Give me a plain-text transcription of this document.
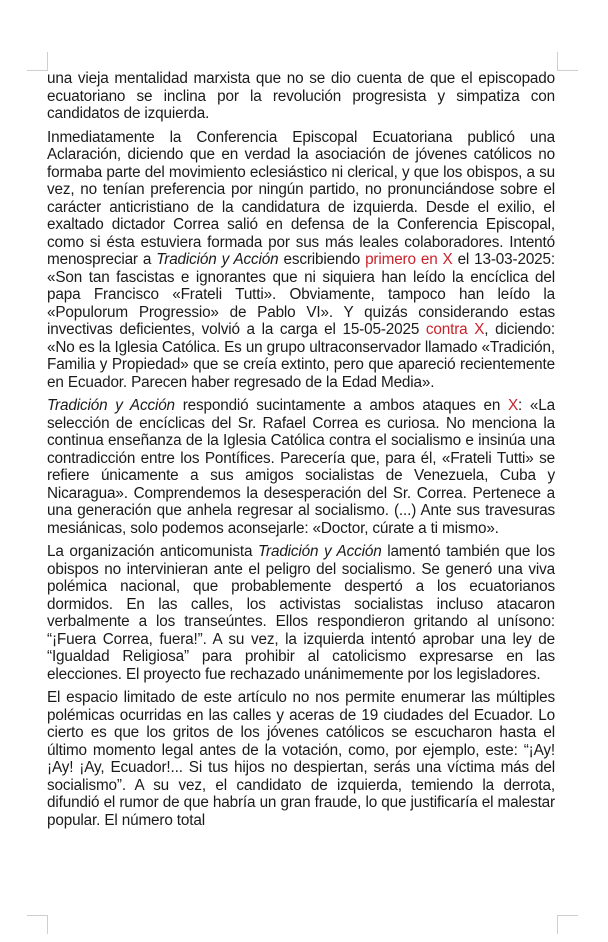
una vieja mentalidad marxista que no se dio cuenta de que el episcopado ecuatoriano se inclina por la revolución progresista y simpatiza con candidatos de izquierda.

Inmediatamente la Conferencia Episcopal Ecuatoriana publicó una Aclaración, diciendo que en verdad la asociación de jóvenes católicos no formaba parte del movimiento eclesiástico ni clerical, y que los obispos, a su vez, no tenían preferencia por ningún partido, no pronunciándose sobre el carácter anticristiano de la candidatura de izquierda. Desde el exilio, el exaltado dictador Correa salió en defensa de la Conferencia Episcopal, como si ésta estuviera formada por sus más leales colaboradores. Intentó menospreciar a Tradición y Acción escribiendo primero en X el 13-03-2025: «Son tan fascistas e ignorantes que ni siquiera han leído la encíclica del papa Francisco «Frateli Tutti». Obviamente, tampoco han leído la «Populorum Progressio» de Pablo VI». Y quizás considerando estas invectivas deficientes, volvió a la carga el 15-05-2025 contra X, diciendo: «No es la Iglesia Católica. Es un grupo ultraconservador llamado «Tradición, Familia y Propiedad» que se creía extinto, pero que apareció recientemente en Ecuador. Parecen haber regresado de la Edad Media».

Tradición y Acción respondió sucintamente a ambos ataques en X: «La selección de encíclicas del Sr. Rafael Correa es curiosa. No menciona la continua enseñanza de la Iglesia Católica contra el socialismo e insinúa una contradicción entre los Pontífices. Parecería que, para él, «Frateli Tutti» se refiere únicamente a sus amigos socialistas de Venezuela, Cuba y Nicaragua». Comprendemos la desesperación del Sr. Correa. Pertenece a una generación que anhela regresar al socialismo. (...) Ante sus travesuras mesiánicas, solo podemos aconsejarle: «Doctor, cúrate a ti mismo».

La organización anticomunista Tradición y Acción lamentó también que los obispos no intervinieran ante el peligro del socialismo. Se generó una viva polémica nacional, que probablemente despertó a los ecuatorianos dormidos. En las calles, los activistas socialistas incluso atacaron verbalmente a los transeúntes. Ellos respondieron gritando al unísono: “¡Fuera Correa, fuera!”. A su vez, la izquierda intentó aprobar una ley de “Igualdad Religiosa” para prohibir al catolicismo expresarse en las elecciones. El proyecto fue rechazado unánimemente por los legisladores.

El espacio limitado de este artículo no nos permite enumerar las múltiples polémicas ocurridas en las calles y aceras de 19 ciudades del Ecuador. Lo cierto es que los gritos de los jóvenes católicos se escucharon hasta el último momento legal antes de la votación, como, por ejemplo, este: “¡Ay! ¡Ay! ¡Ay, Ecuador!... Si tus hijos no despiertan, serás una víctima más del socialismo”. A su vez, el candidato de izquierda, temiendo la derrota, difundió el rumor de que habría un gran fraude, lo que justificaría el malestar popular. El número total
